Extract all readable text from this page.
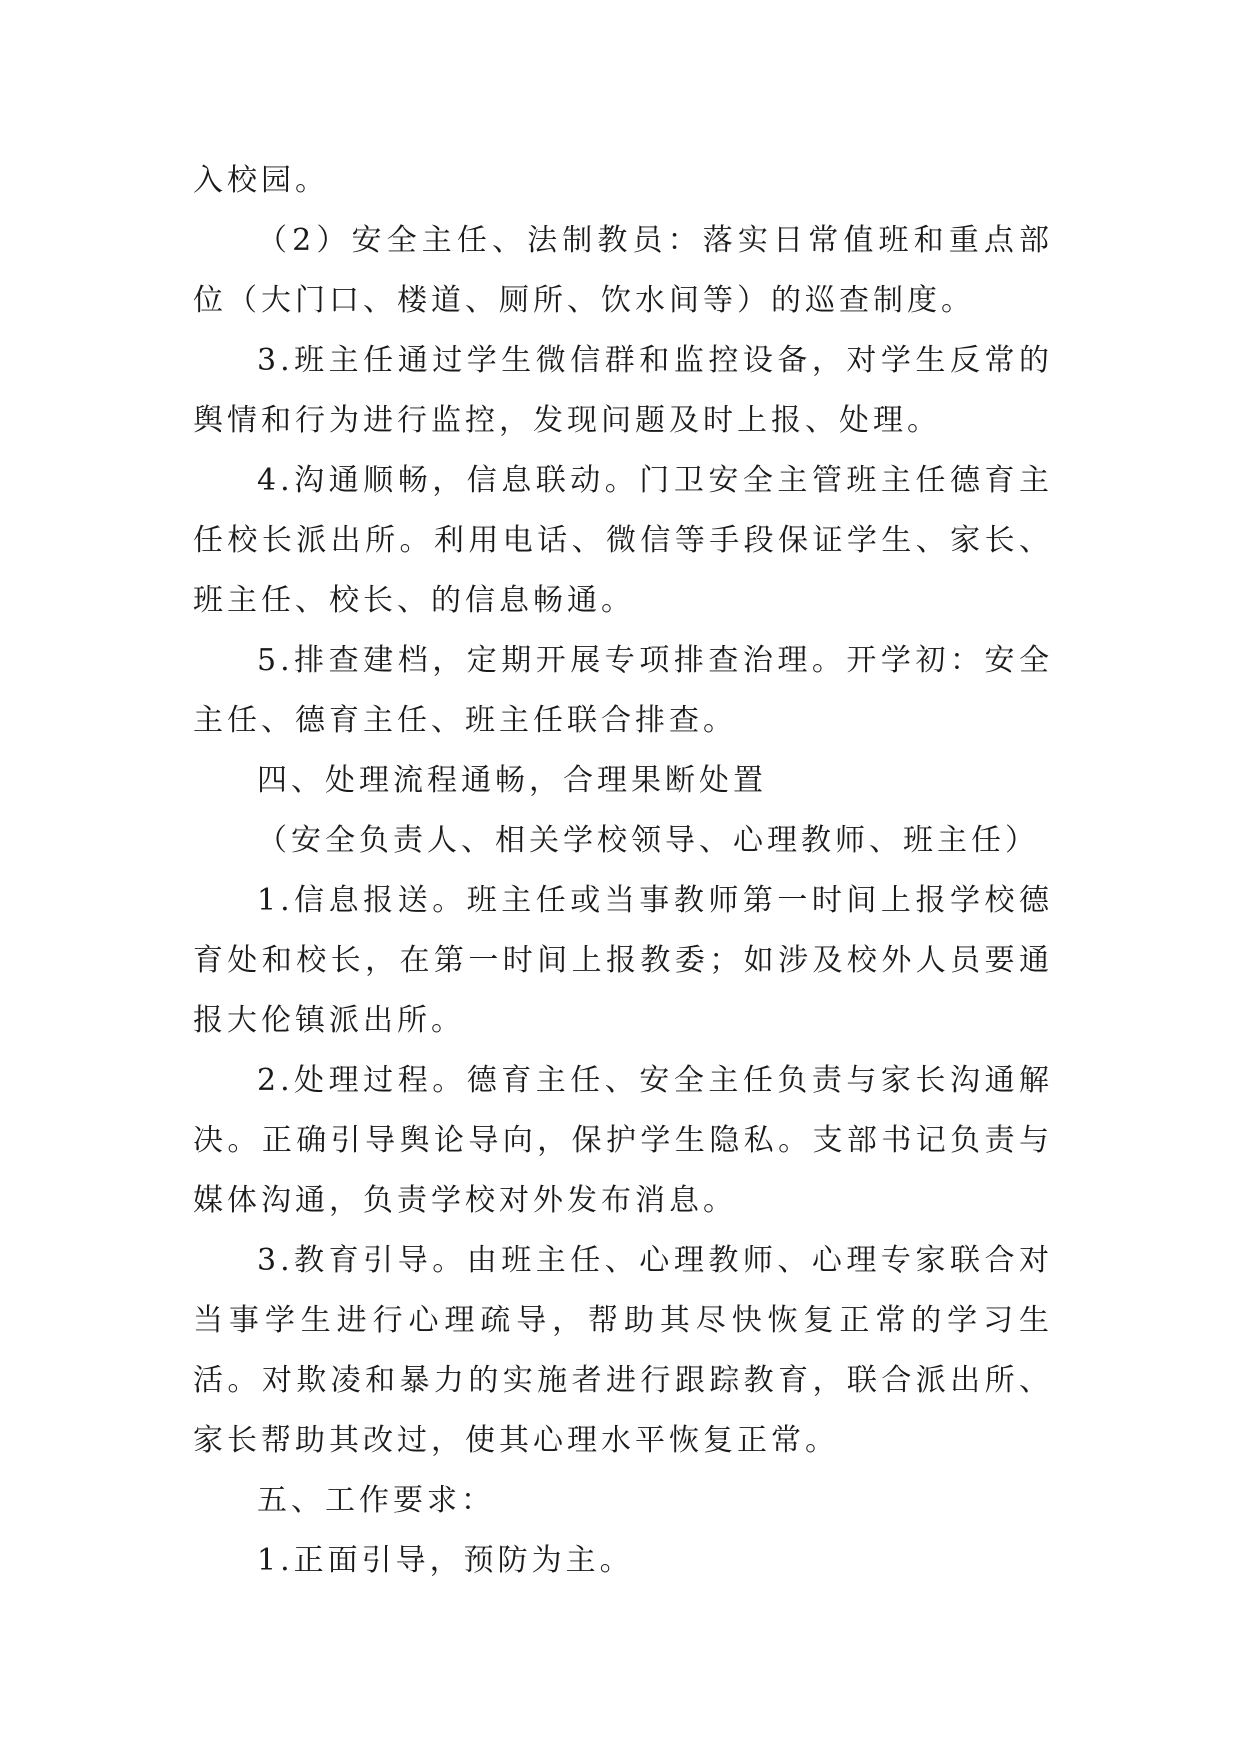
入校园。

（2）安全主任、法制教员：落实日常值班和重点部位（大门口、楼道、厕所、饮水间等）的巡查制度。

3.班主任通过学生微信群和监控设备，对学生反常的舆情和行为进行监控，发现问题及时上报、处理。

4.沟通顺畅，信息联动。门卫安全主管班主任德育主任校长派出所。利用电话、微信等手段保证学生、家长、班主任、校长、的信息畅通。

5.排查建档，定期开展专项排查治理。开学初：安全主任、德育主任、班主任联合排查。

四、处理流程通畅，合理果断处置

（安全负责人、相关学校领导、心理教师、班主任）

1.信息报送。班主任或当事教师第一时间上报学校德育处和校长，在第一时间上报教委；如涉及校外人员要通报大伦镇派出所。

2.处理过程。德育主任、安全主任负责与家长沟通解决。正确引导舆论导向，保护学生隐私。支部书记负责与媒体沟通，负责学校对外发布消息。

3.教育引导。由班主任、心理教师、心理专家联合对当事学生进行心理疏导，帮助其尽快恢复正常的学习生活。对欺凌和暴力的实施者进行跟踪教育，联合派出所、家长帮助其改过，使其心理水平恢复正常。

五、工作要求：

1.正面引导，预防为主。
